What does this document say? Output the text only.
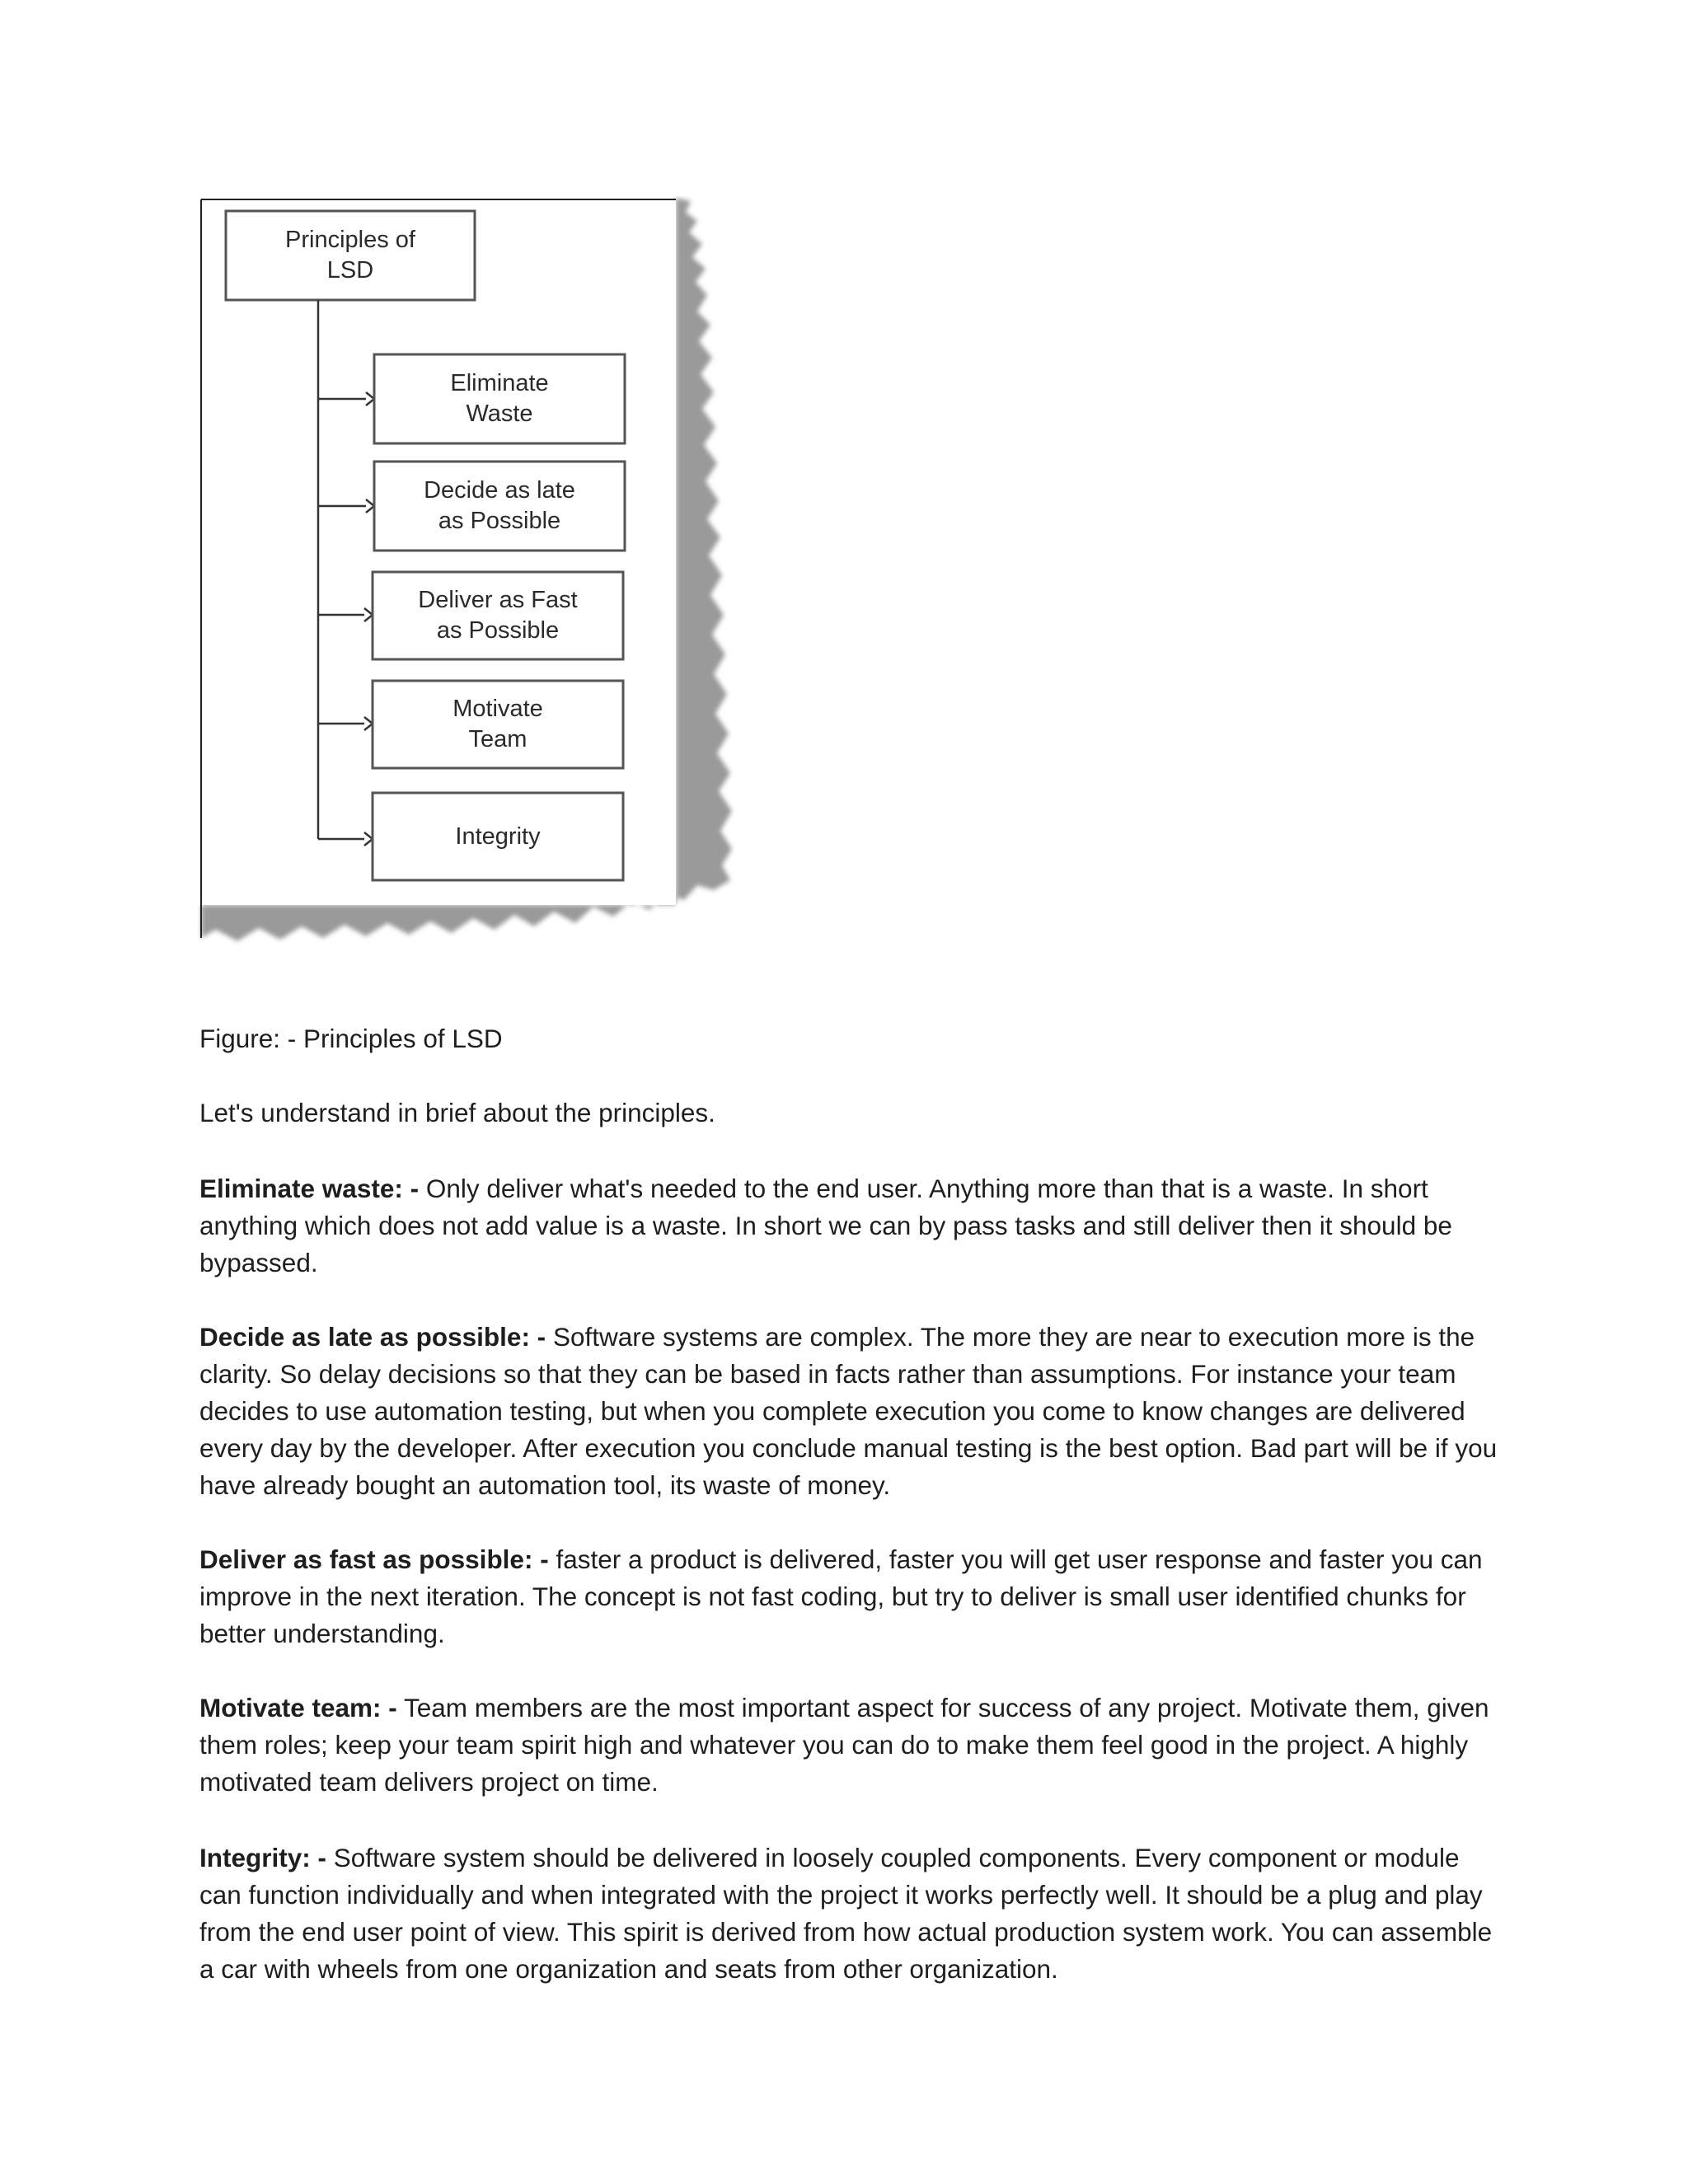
Principles of
LSD
Eliminate
Waste
Decide as late
as Possible
Deliver as Fast
as Possible
Motivate
Team
Integrity

Figure: - Principles of LSD

Let's understand in brief about the principles.

Eliminate waste: - Only deliver what's needed to the end user. Anything more than that is a waste. In short anything which does not add value is a waste. In short we can by pass tasks and still deliver then it should be bypassed.

Decide as late as possible: - Software systems are complex. The more they are near to execution more is the clarity. So delay decisions so that they can be based in facts rather than assumptions. For instance your team decides to use automation testing, but when you complete execution you come to know changes are delivered every day by the developer. After execution you conclude manual testing is the best option. Bad part will be if you have already bought an automation tool, its waste of money.

Deliver as fast as possible: - faster a product is delivered, faster you will get user response and faster you can improve in the next iteration. The concept is not fast coding, but try to deliver is small user identified chunks for better understanding.

Motivate team: - Team members are the most important aspect for success of any project. Motivate them, given them roles; keep your team spirit high and whatever you can do to make them feel good in the project. A highly motivated team delivers project on time.

Integrity: - Software system should be delivered in loosely coupled components. Every component or module can function individually and when integrated with the project it works perfectly well. It should be a plug and play from the end user point of view. This spirit is derived from how actual production system work. You can assemble a car with wheels from one organization and seats from other organization.
